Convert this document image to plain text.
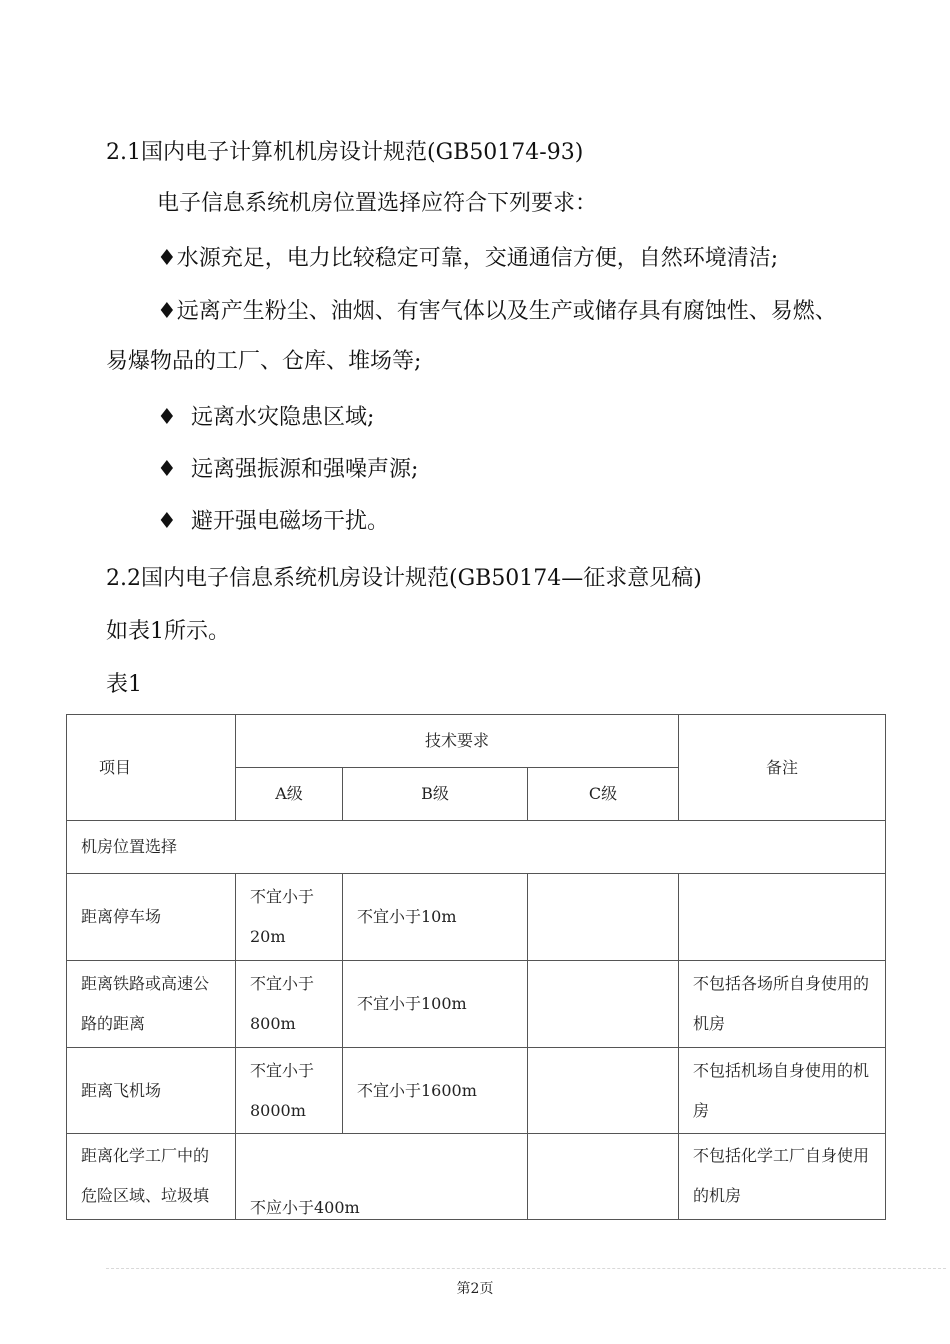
2.1国内电子计算机机房设计规范(GB50174-93)
电子信息系统机房位置选择应符合下列要求：
♦水源充足，电力比较稳定可靠，交通通信方便，自然环境清洁;
♦远离产生粉尘、油烟、有害气体以及生产或储存具有腐蚀性、易燃、
易爆物品的工厂、仓库、堆场等;
♦ 远离水灾隐患区域;
♦ 远离强振源和强噪声源;
♦ 避开强电磁场干扰。
2.2国内电子信息系统机房设计规范(GB50174—征求意见稿)
如表1所示。
表1
项目	技术要求			备注
	A级	B级	C级	
机房位置选择				
距离停车场	不宜小于20m	不宜小于10m		
距离铁路或高速公路的距离	不宜小于800m	不宜小于100m		不包括各场所自身使用的机房
距离飞机场	不宜小于8000m	不宜小于1600m		不包括机场自身使用的机房
距离化学工厂中的危险区域、垃圾填	不应小于400m			不包括化学工厂自身使用的机房
第2页
